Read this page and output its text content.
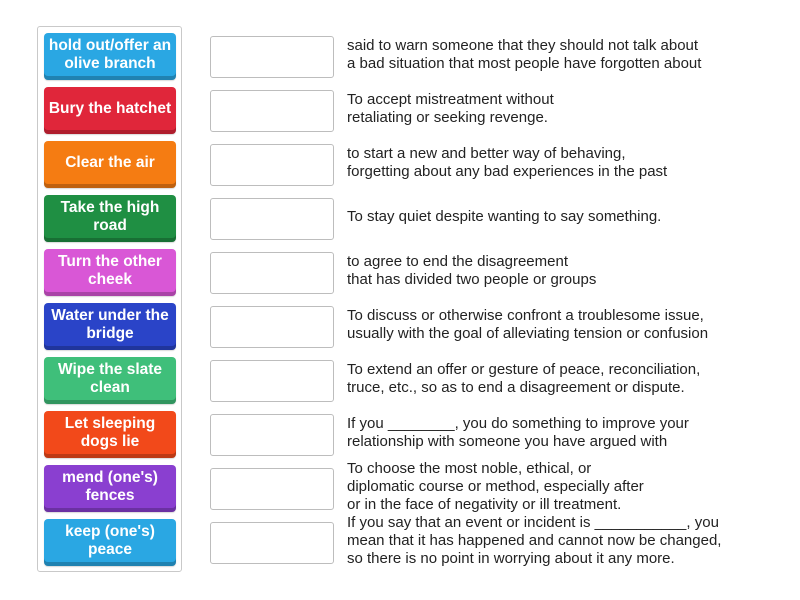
hold out/offer an olive branch
Bury the hatchet
Clear the air
Take the high road
Turn the other cheek
Water under the bridge
Wipe the slate clean
Let sleeping dogs lie
mend (one's) fences
keep (one's) peace
said to warn someone that they should not talk about
a bad situation that most people have forgotten about
To accept mistreatment without
retaliating or seeking revenge.
to start a new and better way of behaving,
forgetting about any bad experiences in the past
To stay quiet despite wanting to say something.
to agree to end the disagreement
that has divided two people or groups
To discuss or otherwise confront a troublesome issue,
usually with the goal of alleviating tension or confusion
To extend an offer or gesture of peace, reconciliation,
truce, etc., so as to end a disagreement or dispute.
If you ________, you do something to improve your
relationship with someone you have argued with
To choose the most noble, ethical, or
diplomatic course or method, especially after
or in the face of negativity or ill treatment.
If you say that an event or incident is ___________, you
mean that it has happened and cannot now be changed,
so there is no point in worrying about it any more.
